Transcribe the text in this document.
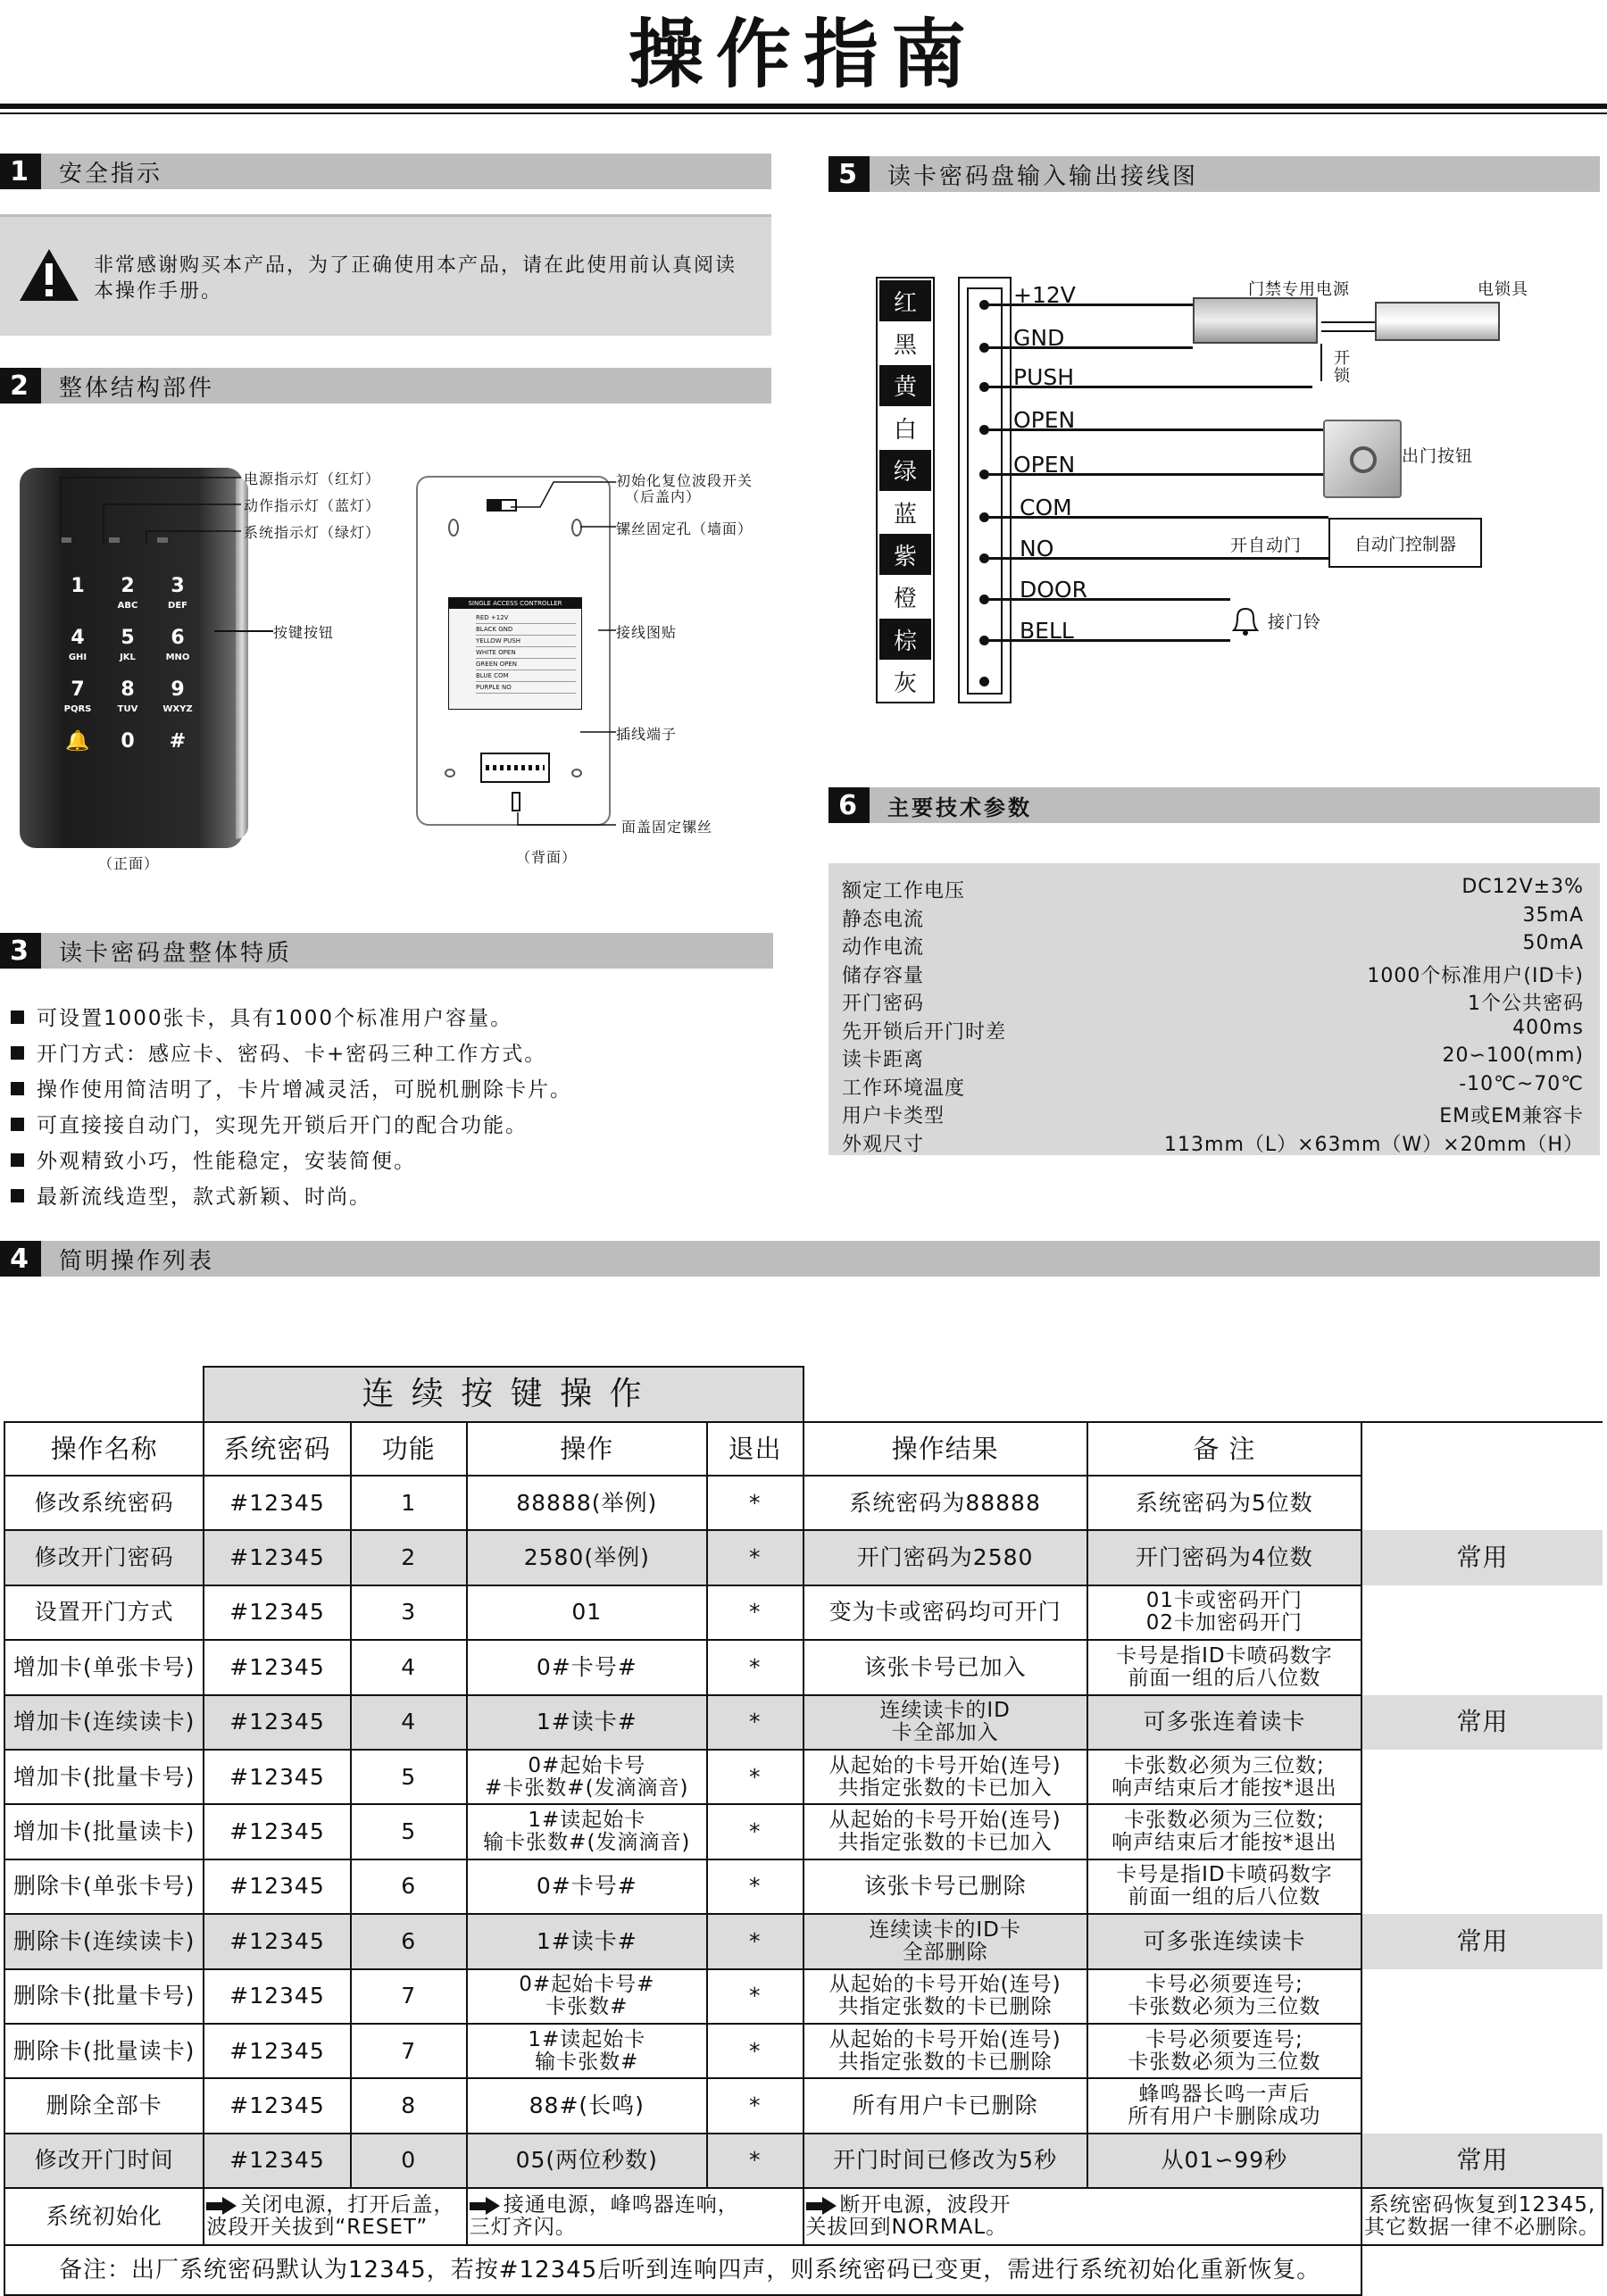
操作指南
1	安全指示
非常感谢购买本产品，为了正确使用本产品，请在此使用前认真阅读本操作手册。
2	整体结构部件
1	2
ABC
3
DEF
4
GHI
5
JKL
6
MNO
7
PQRS
8
TUV
9
WXYZ
🔔	0	#
（正面）
电源指示灯（红灯）
动作指示灯（蓝灯）
系统指示灯（绿灯）
按键按钮
SINGLE ACCESS CONTROLLER
RED +12V
BLACK GND
YELLOW PUSH
WHITE OPEN
GREEN OPEN
BLUE COM
PURPLE NO
（背面）
初始化复位波段开关
（后盖内）
镙丝固定孔（墙面）
接线图贴
插线端子
面盖固定镙丝
3	读卡密码盘整体特质
可设置1000张卡，具有1000个标准用户容量。
开门方式：感应卡、密码、卡+密码三种工作方式。
操作使用简洁明了，卡片增减灵活，可脱机删除卡片。
可直接接自动门，实现先开锁后开门的配合功能。
外观精致小巧，性能稳定，安装简便。
最新流线造型，款式新颖、时尚。
5	读卡密码盘输入输出接线图
红
黑
黄
白
绿
蓝
紫
橙
棕
灰
+12V
GND
PUSH
OPEN
OPEN
COM
NO
DOOR
BELL
门禁专用电源	电锁具
开锁
出门按钮
开自动门	自动门控制器
接门铃
6	主要技术参数
额定工作电压	DC12V±3%
静态电流	35mA
动作电流	50mA
储存容量	1000个标准用户(ID卡)
开门密码	1个公共密码
先开锁后开门时差	400ms
读卡距离	20∽100(mm)
工作环境温度	-10℃~70℃
用户卡类型	EM或EM兼容卡
外观尺寸	113mm（L）×63mm（W）×20mm（H）
4	简明操作列表
	连 续 按 键 操 作							
操作名称	系统密码	功能	操作	退出	操作结果	备 注		
修改系统密码	#12345	1	88888(举例)	*	系统密码为88888	系统密码为5位数		
修改开门密码	#12345	2	2580(举例)	*	开门密码为2580	开门密码为4位数	常用	
设置开门方式	#12345	3	01	*	变为卡或密码均可开门	01卡或密码开门
02卡加密码开门		
增加卡(单张卡号)	#12345	4	0#卡号#	*	该张卡号已加入	卡号是指ID卡喷码数字
前面一组的后八位数		
增加卡(连续读卡)	#12345	4	1#读卡#	*	连续读卡的ID
卡全部加入	可多张连着读卡	常用	
增加卡(批量卡号)	#12345	5	0#起始卡号
#卡张数#(发滴滴音)	*	从起始的卡号开始(连号)
共指定张数的卡已加入	卡张数必须为三位数;
响声结束后才能按*退出		
增加卡(批量读卡)	#12345	5	1#读起始卡
输卡张数#(发滴滴音)	*	从起始的卡号开始(连号)
共指定张数的卡已加入	卡张数必须为三位数;
响声结束后才能按*退出		
删除卡(单张卡号)	#12345	6	0#卡号#	*	该张卡号已删除	卡号是指ID卡喷码数字
前面一组的后八位数		
删除卡(连续读卡)	#12345	6	1#读卡#	*	连续读卡的ID卡
全部删除	可多张连续读卡	常用	
删除卡(批量卡号)	#12345	7	0#起始卡号#
卡张数#	*	从起始的卡号开始(连号)
共指定张数的卡已删除	卡号必须要连号;
卡张数必须为三位数		
删除卡(批量读卡)	#12345	7	1#读起始卡
输卡张数#	*	从起始的卡号开始(连号)
共指定张数的卡已删除	卡号必须要连号;
卡张数必须为三位数		
删除全部卡	#12345	8	88#(长鸣)	*	所有用户卡已删除	蜂鸣器长鸣一声后
所有用户卡删除成功		
修改开门时间	#12345	0	05(两位秒数)	*	开门时间已修改为5秒	从01∽99秒	常用	
系统初始化	关闭电源，打开后盖，
波段开关拔到“RESET”		接通电源，峰鸣器连响，
三灯齐闪。		断开电源，波段开
关拔回到NORMAL。		系统密码恢复到12345,
其它数据一律不必删除。	
备注：出厂系统密码默认为12345，若按#12345后听到连响四声，则系统密码已变更，需进行系统初始化重新恢复。								
